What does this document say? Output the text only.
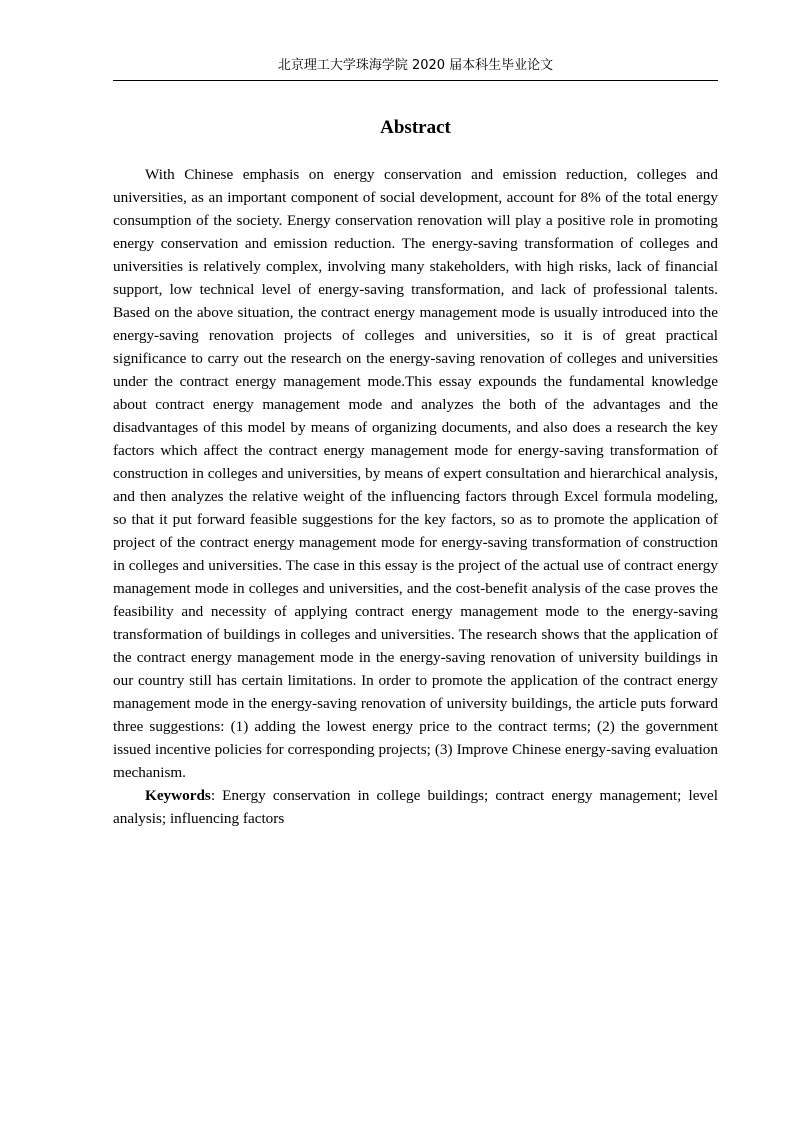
北京理工大学珠海学院 2020 届本科生毕业论文
Abstract

With Chinese emphasis on energy conservation and emission reduction, colleges and universities, as an important component of social development, account for 8% of the total energy consumption of the society. Energy conservation renovation will play a positive role in promoting energy conservation and emission reduction. The energy-saving transformation of colleges and universities is relatively complex, involving many stakeholders, with high risks, lack of financial support, low technical level of energy-saving transformation, and lack of professional talents. Based on the above situation, the contract energy management mode is usually introduced into the energy-saving renovation projects of colleges and universities, so it is of great practical significance to carry out the research on the energy-saving renovation of colleges and universities under the contract energy management mode.This essay expounds the fundamental knowledge about contract energy management mode and analyzes the both of the advantages and the disadvantages of this model by means of organizing documents, and also does a research the key factors which affect the contract energy management mode for energy-saving transformation of construction in colleges and universities, by means of expert consultation and hierarchical analysis, and then analyzes the relative weight of the influencing factors through Excel formula modeling, so that it put forward feasible suggestions for the key factors, so as to promote the application of project of the contract energy management mode for energy-saving transformation of construction in colleges and universities. The case in this essay is the project of the actual use of contract energy management mode in colleges and universities, and the cost-benefit analysis of the case proves the feasibility and necessity of applying contract energy management mode to the energy-saving transformation of buildings in colleges and universities. The research shows that the application of the contract energy management mode in the energy-saving renovation of university buildings in our country still has certain limitations. In order to promote the application of the contract energy management mode in the energy-saving renovation of university buildings, the article puts forward three suggestions: (1) adding the lowest energy price to the contract terms; (2) the government issued incentive policies for corresponding projects; (3) Improve Chinese energy-saving evaluation mechanism.

Keywords: Energy conservation in college buildings; contract energy management; level analysis; influencing factors
